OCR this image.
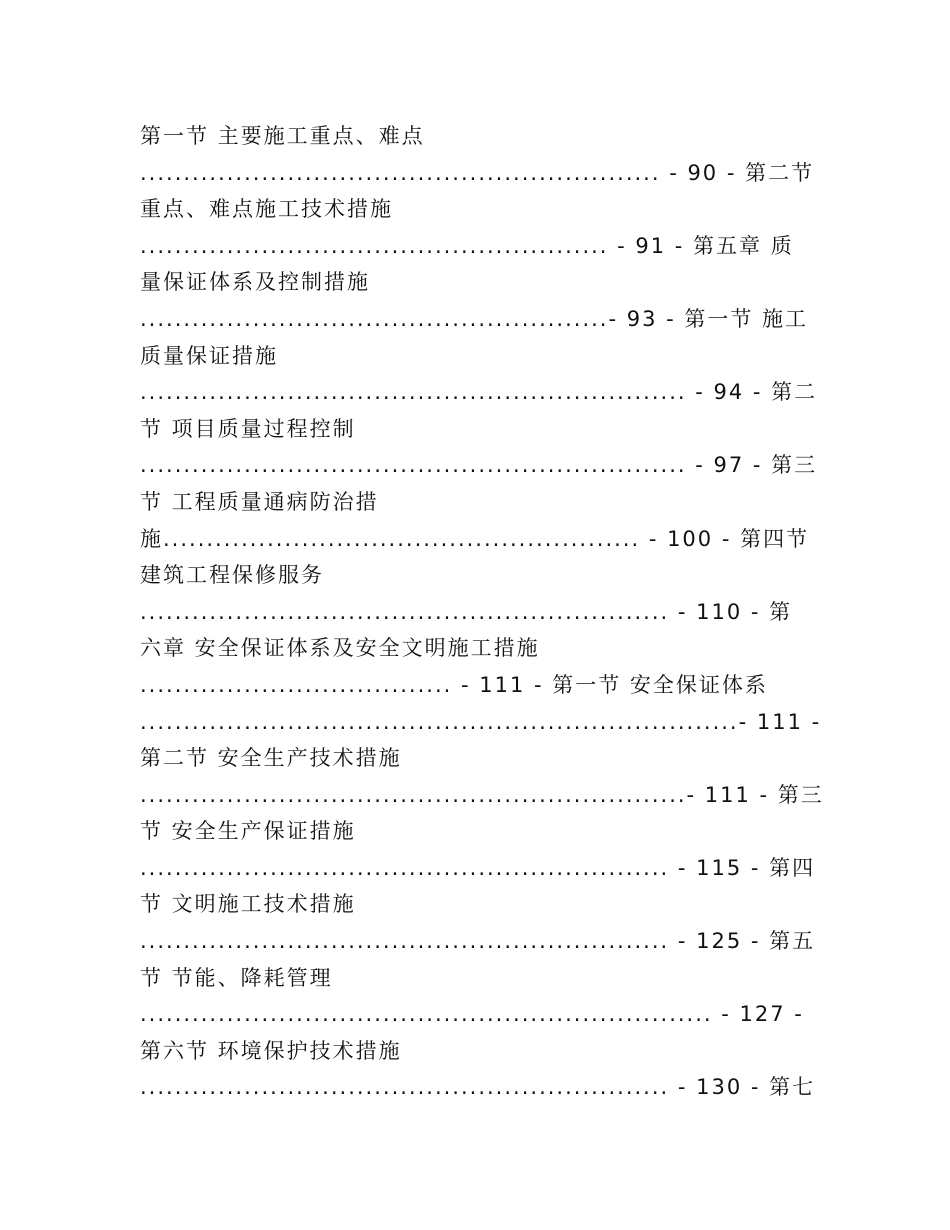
第一节 主要施工重点、难点
............................................................ - 90 - 第二节
重点、难点施工技术措施
...................................................... - 91 - 第五章 质
量保证体系及控制措施
......................................................- 93 - 第一节 施工
质量保证措施
............................................................... - 94 - 第二
节 项目质量过程控制
............................................................... - 97 - 第三
节 工程质量通病防治措
施....................................................... - 100 - 第四节
建筑工程保修服务
............................................................. - 110 - 第
六章 安全保证体系及安全文明施工措施
.................................... - 111 - 第一节 安全保证体系
.....................................................................- 111 -
第二节 安全生产技术措施
...............................................................- 111 - 第三
节 安全生产保证措施
............................................................. - 115 - 第四
节 文明施工技术措施
............................................................. - 125 - 第五
节 节能、降耗管理
.................................................................. - 127 -
第六节 环境保护技术措施
............................................................. - 130 - 第七
